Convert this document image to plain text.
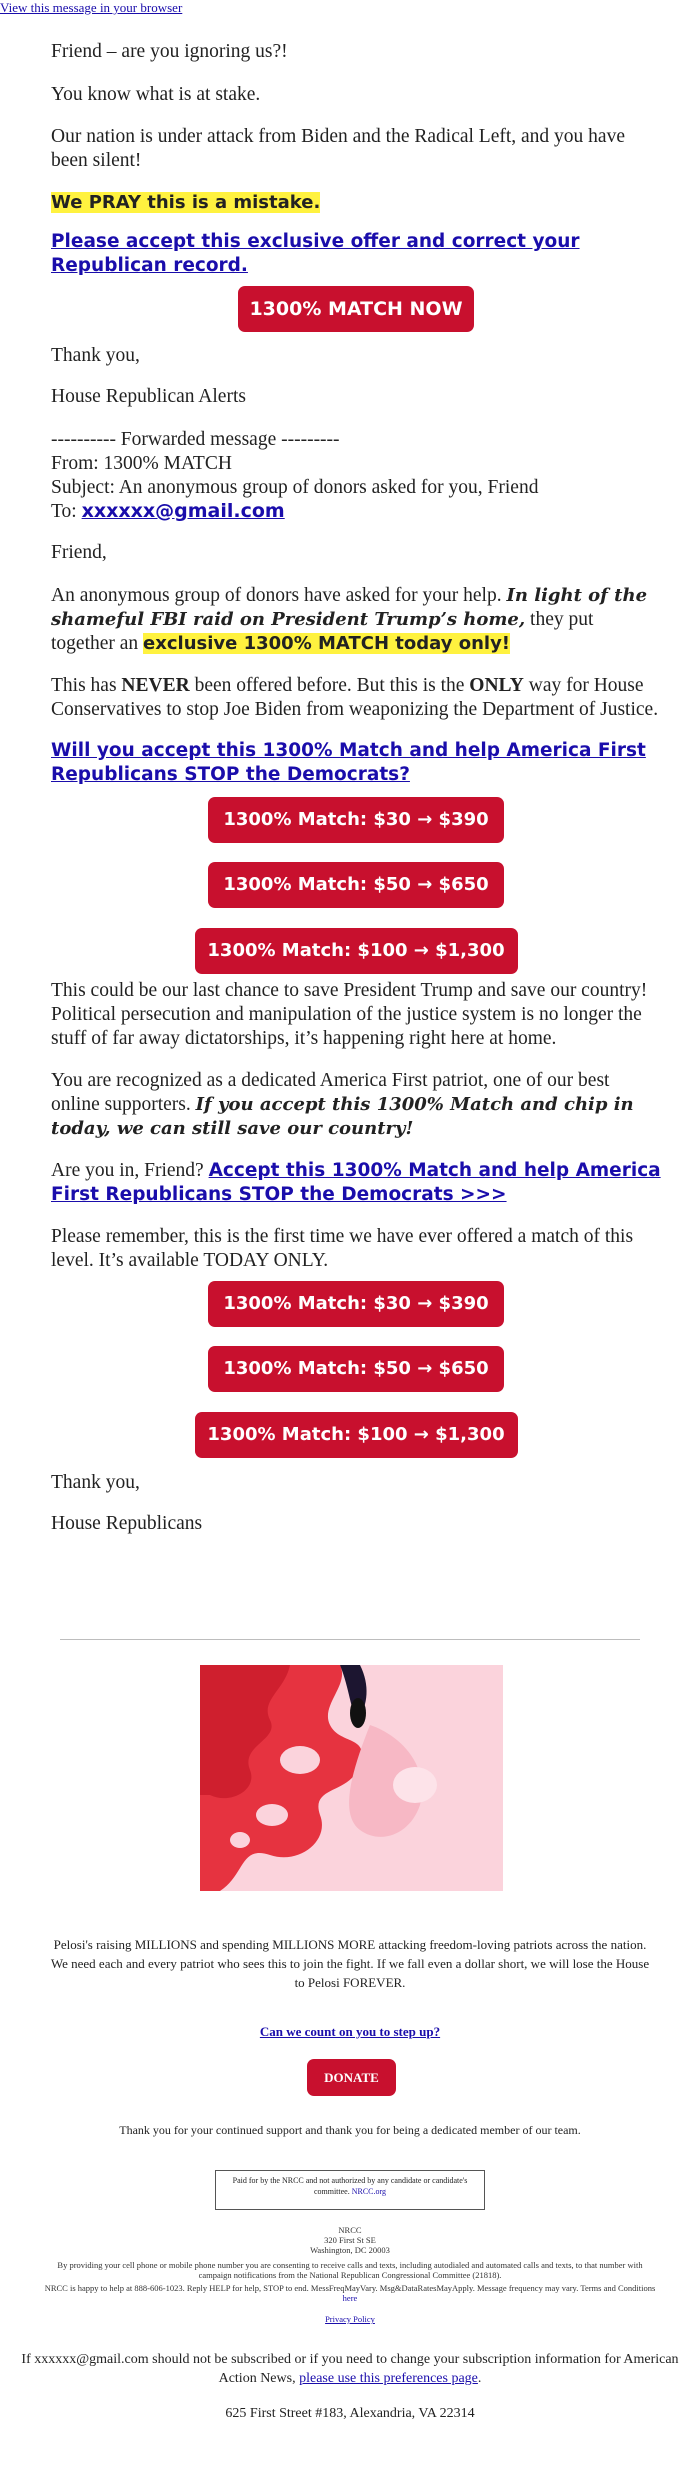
View this message in your browser

Friend – are you ignoring us?!

You know what is at stake.

Our nation is under attack from Biden and the Radical Left, and you have been silent!

We PRAY this is a mistake.

Please accept this exclusive offer and correct your Republican record.

1300% MATCH NOW

Thank you,

House Republican Alerts

---------- Forwarded message ---------

From: 1300% MATCH

Subject: An anonymous group of donors asked for you, Friend

To: xxxxxx@gmail.com

Friend,

An anonymous group of donors have asked for your help. In light of the shameful FBI raid on President Trump’s home, they put together an exclusive 1300% MATCH today only!

This has NEVER been offered before. But this is the ONLY way for House Conservatives to stop Joe Biden from weaponizing the Department of Justice.

Will you accept this 1300% Match and help America First Republicans STOP the Democrats?

1300% Match: $30 → $390
1300% Match: $50 → $650
1300% Match: $100 → $1,300

This could be our last chance to save President Trump and save our country! Political persecution and manipulation of the justice system is no longer the stuff of far away dictatorships, it’s happening right here at home.

You are recognized as a dedicated America First patriot, one of our best online supporters. If you accept this 1300% Match and chip in today, we can still save our country!

Are you in, Friend? Accept this 1300% Match and help America First Republicans STOP the Democrats >>>

Please remember, this is the first time we have ever offered a match of this level. It’s available TODAY ONLY.

1300% Match: $30 → $390
1300% Match: $50 → $650
1300% Match: $100 → $1,300

Thank you,

House Republicans

Pelosi's raising MILLIONS and spending MILLIONS MORE attacking freedom-loving patriots across the nation. We need each and every patriot who sees this to join the fight. If we fall even a dollar short, we will lose the House to Pelosi FOREVER.
Can we count on you to step up?
DONATE
Thank you for your continued support and thank you for being a dedicated member of our team.
Paid for by the NRCC and not authorized by any candidate or candidate's committee. NRCC.org
NRCC
320 First St SE
Washington, DC 20003
By providing your cell phone or mobile phone number you are consenting to receive calls and texts, including autodialed and automated calls and texts, to that number with campaign notifications from the National Republican Congressional Committee (21818).
NRCC is happy to help at 888-606-1023. Reply HELP for help, STOP to end. MessFreqMayVary. Msg&DataRatesMayApply. Message frequency may vary. Terms and Conditions here
Privacy Policy
If xxxxxx@gmail.com should not be subscribed or if you need to change your subscription information for American Action News, please use this preferences page.
625 First Street #183, Alexandria, VA 22314
